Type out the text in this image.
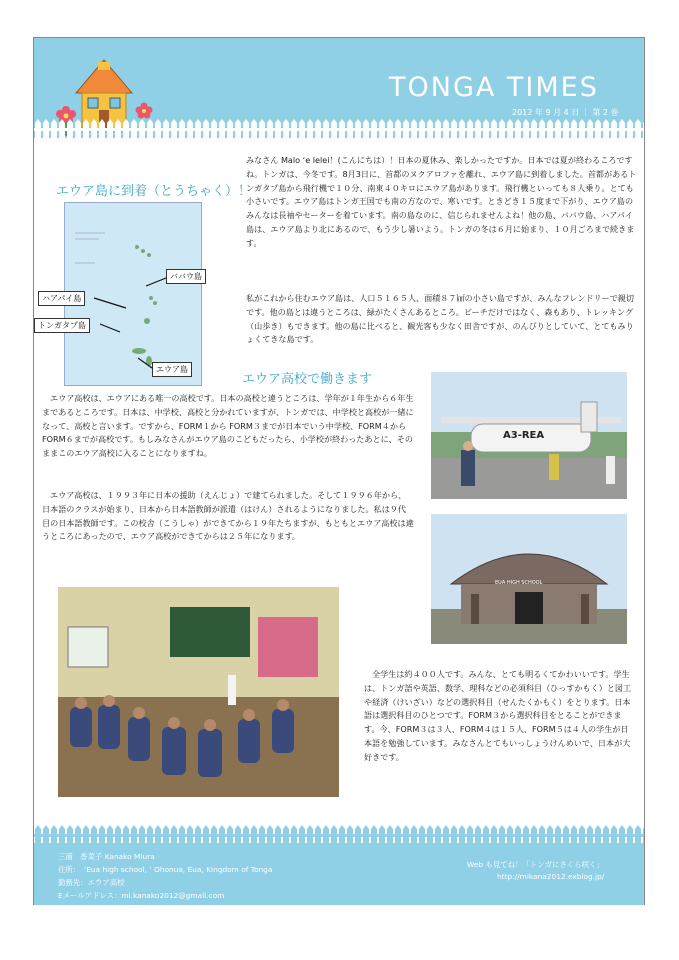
TONGA TIMES
2012 年 9 月 4 日 ｜ 第 2 巻
エウア島に到着（とうちゃく）！
ババウ島
ハアパイ島
トンガタプ島
エウア島

みなさん Malo ʻe lelei！(こんにちは）！日本の夏休み、楽しかったですか。日本では夏が終わるころですね。トンガは、今冬です。8月3日に、首都のヌクアロファを離れ、エウア島に到着しました。首都があるトンガタプ島から飛行機で１０分、南東４０キロにエウア島があります。飛行機といっても８人乗り。とても小さいです。エウア島はトンガ王国でも南の方なので、寒いです。ときどき１５度まで下がり、エウア島のみんなは長袖やセーターを着ています。南の島なのに、信じられませんよね！他の島、ババウ島、ハアパイ島は、エウア島より北にあるので、もう少し暑いよう。トンガの冬は６月に始まり、１０月ごろまで続きます。

私がこれから住むエウア島は、人口５１６５人、面積８７㎢の小さい島ですが、みんなフレンドリーで親切です。他の島とは違うところは、緑がたくさんあるところ。ビーチだけではなく、森もあり、トレッキング（山歩き）もできます。他の島に比べると、観光客も少なく田舎ですが、のんびりとしていて、とてもみりょくてきな島です。

エウア高校で働きます

エウア高校は、エウアにある唯一の高校です。日本の高校と違うところは、学年が１年生から６年生まであるところです。日本は、中学校、高校と分かれていますが、トンガでは、中学校と高校が一緒になって、高校と言います。ですから、FORM１から FORM３までが日本でいう中学校、FORM４からFORM６までが高校です。もしみなさんがエウア島のこどもだったら、小学校が終わったあとに、そのままこのエウア高校に入ることになりますね。

エウア高校は、１９９３年に日本の援助（えんじょ）で建てられました。そして１９９６年から、日本語のクラスが始まり、日本から日本語教師が派遣（はけん）されるようになりました。私は９代目の日本語教師です。この校舎（こうしゃ）ができてから１９年たちますが、もともとエウア高校は違うところにあったので、エウア高校ができてからは２５年になります。

A3-REA
EUA HIGH SCHOOL

全学生は約４００人です。みんな、とても明るくてかわいいです。学生は、トンガ語や英語、数学、理科などの必須科目（ひっすかもく）と図工や経済（けいざい）などの選択科目（せんたくかもく）をとります。日本語は選択科目のひとつです。FORM３から選択科目をとることができます。今、FORM３は３人、FORM４は１５人、FORM５は４人の学生が日本語を勉強しています。みなさんとてもいっしょうけんめいで、日本が大好きです。

三浦　香菜子 Kanako Miura
住所：　ʻEua high school, ʻ Ohonua, Eua, Kingdom of Tonga
勤務先：エウア高校
Eメールアドレス：mi.kanako2012@gmail.com
Web も見てね！「トンガにさくら咲く」
http://mikana2012.exblog.jp/
